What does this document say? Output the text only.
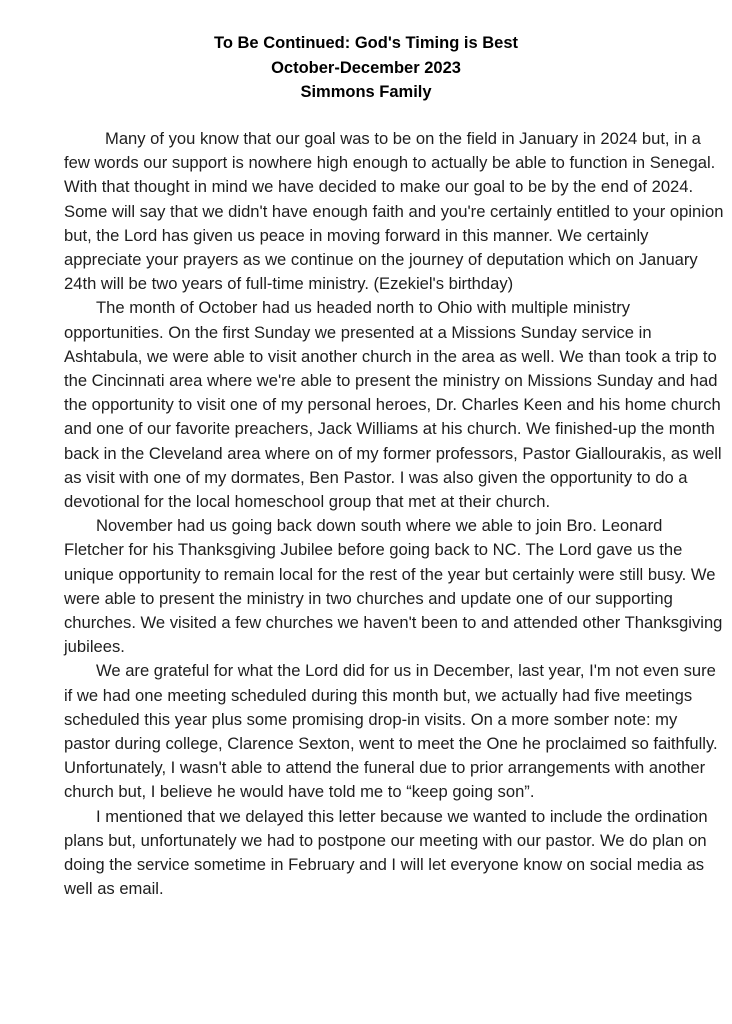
To Be Continued: God's Timing is Best
October-December 2023
Simmons Family

Many of you know that our goal was to be on the field in January in 2024 but, in a few words our support is nowhere high enough to actually be able to function in Senegal. With that thought in mind we have decided to make our goal to be by the end of 2024. Some will say that we didn't have enough faith and you're certainly entitled to your opinion but, the Lord has given us peace in moving forward in this manner. We certainly appreciate your prayers as we continue on the journey of deputation which on January 24th will be two years of full-time ministry. (Ezekiel's birthday)

The month of October had us headed north to Ohio with multiple ministry opportunities. On the first Sunday we presented at a Missions Sunday service in Ashtabula, we were able to visit another church in the area as well. We than took a trip to the Cincinnati area where we're able to present the ministry on Missions Sunday and had the opportunity to visit one of my personal heroes, Dr. Charles Keen and his home church and one of our favorite preachers, Jack Williams at his church. We finished-up the month back in the Cleveland area where on of my former professors, Pastor Giallourakis, as well as visit with one of my dormates, Ben Pastor. I was also given the opportunity to do a devotional for the local homeschool group that met at their church.

November had us going back down south where we able to join Bro. Leonard Fletcher for his Thanksgiving Jubilee before going back to NC. The Lord gave us the unique opportunity to remain local for the rest of the year but certainly were still busy. We were able to present the ministry in two churches and update one of our supporting churches. We visited a few churches we haven't been to and attended other Thanksgiving jubilees.

We are grateful for what the Lord did for us in December, last year, I'm not even sure if we had one meeting scheduled during this month but, we actually had five meetings scheduled this year plus some promising drop-in visits. On a more somber note: my pastor during college, Clarence Sexton, went to meet the One he proclaimed so faithfully. Unfortunately, I wasn't able to attend the funeral due to prior arrangements with another church but, I believe he would have told me to “keep going son”.

I mentioned that we delayed this letter because we wanted to include the ordination plans but, unfortunately we had to postpone our meeting with our pastor. We do plan on doing the service sometime in February and I will let everyone know on social media as well as email.
